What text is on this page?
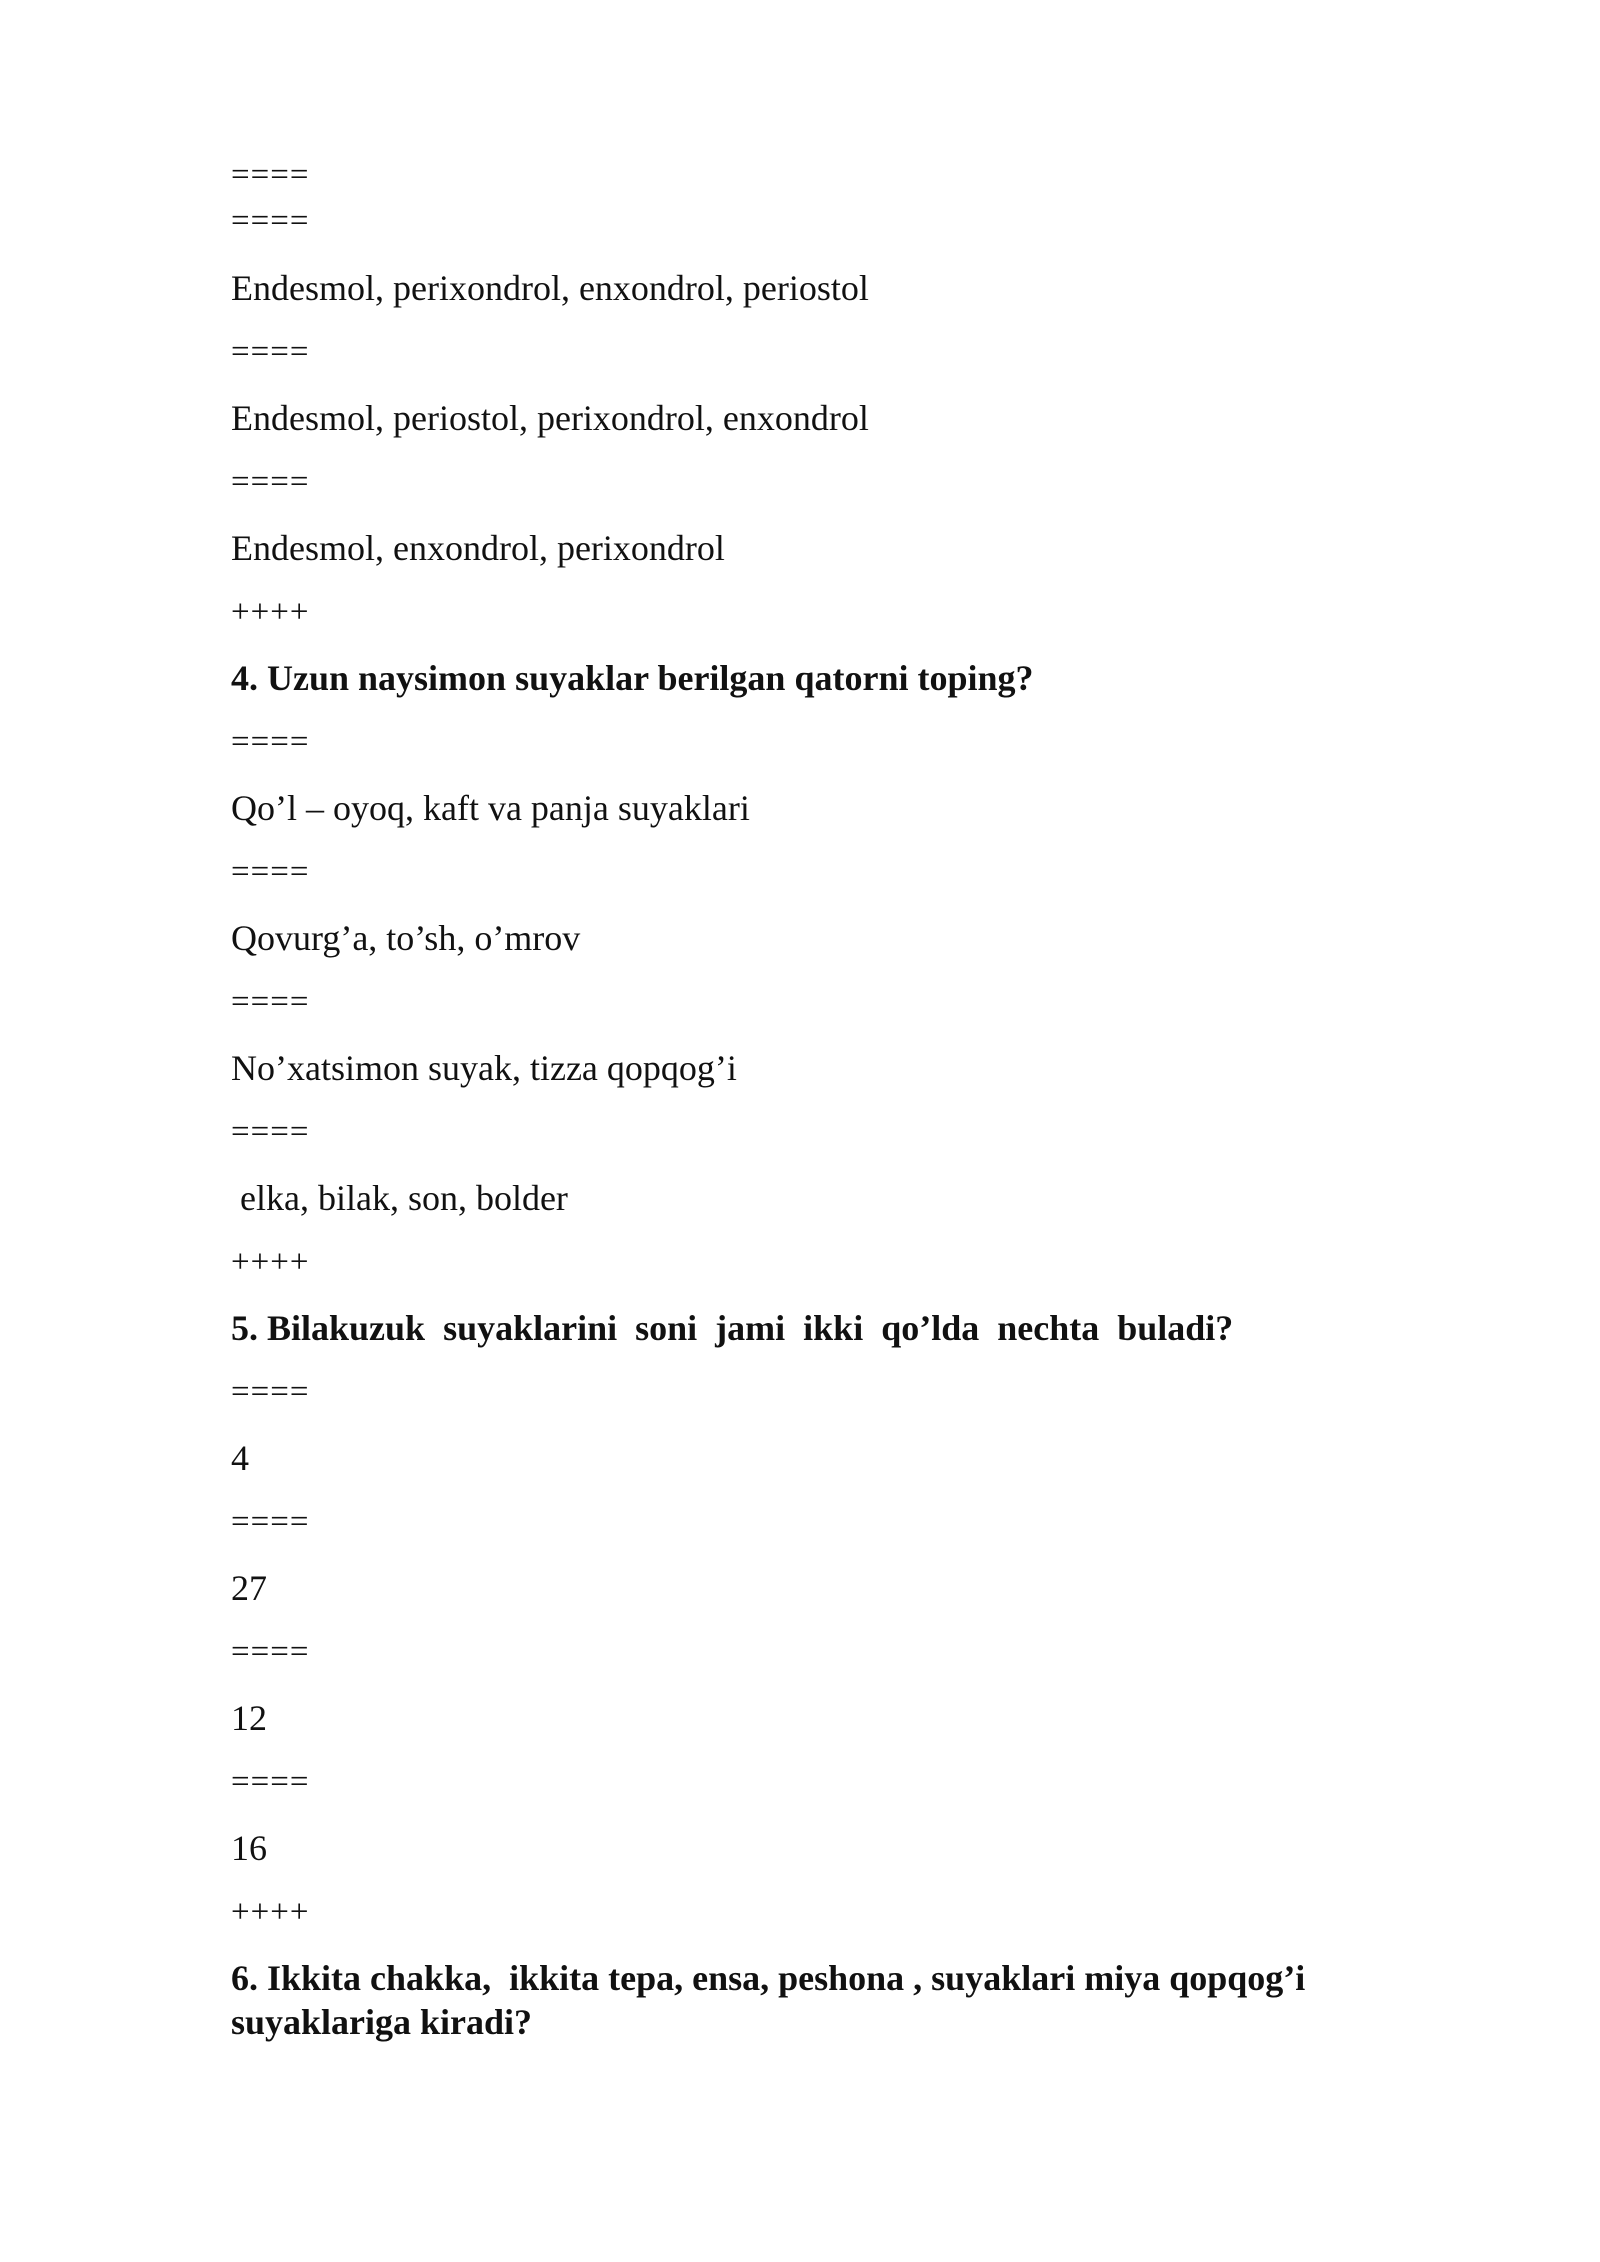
====
====
Endesmol, perixondrol, enxondrol, periostol
====
Endesmol, periostol, perixondrol, enxondrol
====
Endesmol, enxondrol, perixondrol
++++
4. Uzun naysimon suyaklar berilgan qatorni toping?
====
Qo’l – oyoq, kaft va panja suyaklari
====
Qovurg’a, to’sh, o’mrov
====
No’xatsimon suyak, tizza qopqog’i
====
elka, bilak, son, bolder
++++
5. Bilakuzuk  suyaklarini  soni  jami  ikki  qo’lda  nechta  buladi?
====
4
====
27
====
12
====
16
++++
6. Ikkita chakka,  ikkita tepa, ensa, peshona , suyaklari miya qopqog’i suyaklariga kiradi?
